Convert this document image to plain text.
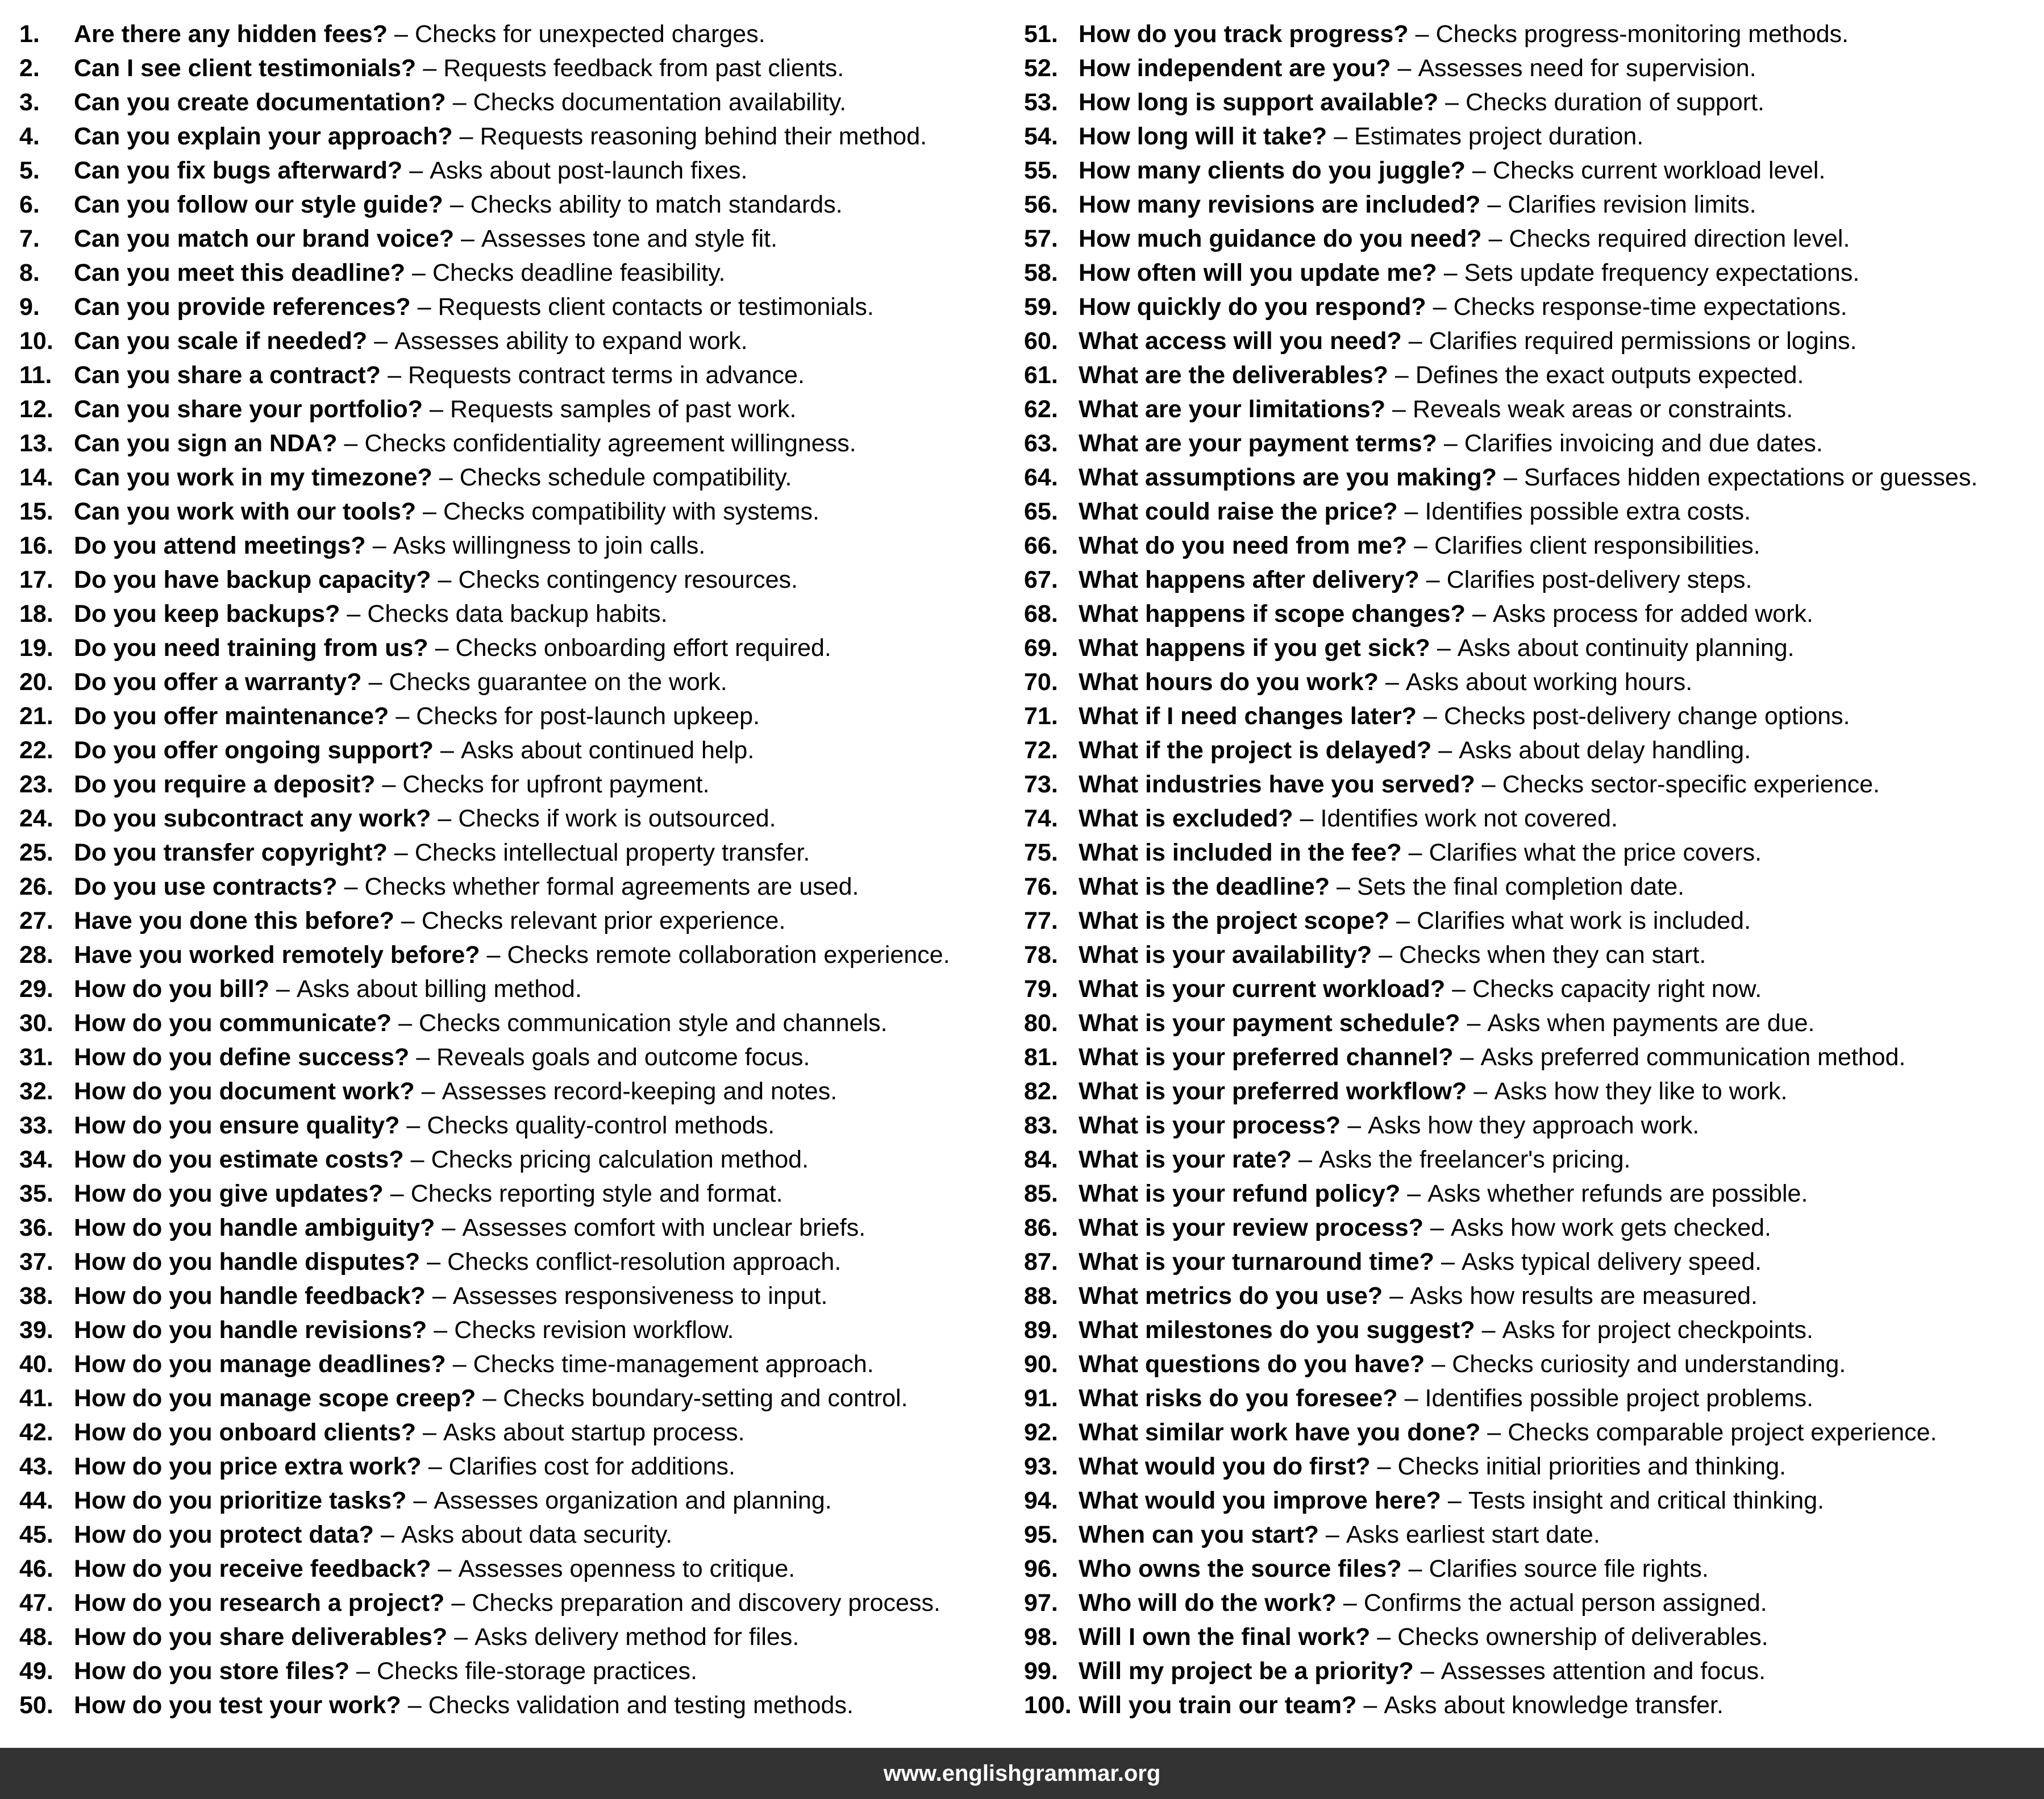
1.	Are there any hidden fees? – Checks for unexpected charges.
2.	Can I see client testimonials? – Requests feedback from past clients.
3.	Can you create documentation? – Checks documentation availability.
4.	Can you explain your approach? – Requests reasoning behind their method.
5.	Can you fix bugs afterward? – Asks about post-launch fixes.
6.	Can you follow our style guide? – Checks ability to match standards.
7.	Can you match our brand voice? – Assesses tone and style fit.
8.	Can you meet this deadline? – Checks deadline feasibility.
9.	Can you provide references? – Requests client contacts or testimonials.
10. Can you scale if needed? – Assesses ability to expand work.
11. Can you share a contract? – Requests contract terms in advance.
12. Can you share your portfolio? – Requests samples of past work.
13. Can you sign an NDA? – Checks confidentiality agreement willingness.
14. Can you work in my timezone? – Checks schedule compatibility.
15. Can you work with our tools? – Checks compatibility with systems.
16. Do you attend meetings? – Asks willingness to join calls.
17. Do you have backup capacity? – Checks contingency resources.
18. Do you keep backups? – Checks data backup habits.
19. Do you need training from us? – Checks onboarding effort required.
20. Do you offer a warranty? – Checks guarantee on the work.
21. Do you offer maintenance? – Checks for post-launch upkeep.
22. Do you offer ongoing support? – Asks about continued help.
23. Do you require a deposit? – Checks for upfront payment.
24. Do you subcontract any work? – Checks if work is outsourced.
25. Do you transfer copyright? – Checks intellectual property transfer.
26. Do you use contracts? – Checks whether formal agreements are used.
27. Have you done this before? – Checks relevant prior experience.
28. Have you worked remotely before? – Checks remote collaboration experience.
29. How do you bill? – Asks about billing method.
30. How do you communicate? – Checks communication style and channels.
31. How do you define success? – Reveals goals and outcome focus.
32. How do you document work? – Assesses record-keeping and notes.
33. How do you ensure quality? – Checks quality-control methods.
34. How do you estimate costs? – Checks pricing calculation method.
35. How do you give updates? – Checks reporting style and format.
36. How do you handle ambiguity? – Assesses comfort with unclear briefs.
37. How do you handle disputes? – Checks conflict-resolution approach.
38. How do you handle feedback? – Assesses responsiveness to input.
39. How do you handle revisions? – Checks revision workflow.
40. How do you manage deadlines? – Checks time-management approach.
41. How do you manage scope creep? – Checks boundary-setting and control.
42. How do you onboard clients? – Asks about startup process.
43. How do you price extra work? – Clarifies cost for additions.
44. How do you prioritize tasks? – Assesses organization and planning.
45. How do you protect data? – Asks about data security.
46. How do you receive feedback? – Assesses openness to critique.
47. How do you research a project? – Checks preparation and discovery process.
48. How do you share deliverables? – Asks delivery method for files.
49. How do you store files? – Checks file-storage practices.
50. How do you test your work? – Checks validation and testing methods.
51. How do you track progress? – Checks progress-monitoring methods.
52. How independent are you? – Assesses need for supervision.
53. How long is support available? – Checks duration of support.
54. How long will it take? – Estimates project duration.
55. How many clients do you juggle? – Checks current workload level.
56. How many revisions are included? – Clarifies revision limits.
57. How much guidance do you need? – Checks required direction level.
58. How often will you update me? – Sets update frequency expectations.
59. How quickly do you respond? – Checks response-time expectations.
60. What access will you need? – Clarifies required permissions or logins.
61. What are the deliverables? – Defines the exact outputs expected.
62. What are your limitations? – Reveals weak areas or constraints.
63. What are your payment terms? – Clarifies invoicing and due dates.
64. What assumptions are you making? – Surfaces hidden expectations or guesses.
65. What could raise the price? – Identifies possible extra costs.
66. What do you need from me? – Clarifies client responsibilities.
67. What happens after delivery? – Clarifies post-delivery steps.
68. What happens if scope changes? – Asks process for added work.
69. What happens if you get sick? – Asks about continuity planning.
70. What hours do you work? – Asks about working hours.
71. What if I need changes later? – Checks post-delivery change options.
72. What if the project is delayed? – Asks about delay handling.
73. What industries have you served? – Checks sector-specific experience.
74. What is excluded? – Identifies work not covered.
75. What is included in the fee? – Clarifies what the price covers.
76. What is the deadline? – Sets the final completion date.
77. What is the project scope? – Clarifies what work is included.
78. What is your availability? – Checks when they can start.
79. What is your current workload? – Checks capacity right now.
80. What is your payment schedule? – Asks when payments are due.
81. What is your preferred channel? – Asks preferred communication method.
82. What is your preferred workflow? – Asks how they like to work.
83. What is your process? – Asks how they approach work.
84. What is your rate? – Asks the freelancer's pricing.
85. What is your refund policy? – Asks whether refunds are possible.
86. What is your review process? – Asks how work gets checked.
87. What is your turnaround time? – Asks typical delivery speed.
88. What metrics do you use? – Asks how results are measured.
89. What milestones do you suggest? – Asks for project checkpoints.
90. What questions do you have? – Checks curiosity and understanding.
91. What risks do you foresee? – Identifies possible project problems.
92. What similar work have you done? – Checks comparable project experience.
93. What would you do first? – Checks initial priorities and thinking.
94. What would you improve here? – Tests insight and critical thinking.
95. When can you start? – Asks earliest start date.
96. Who owns the source files? – Clarifies source file rights.
97. Who will do the work? – Confirms the actual person assigned.
98. Will I own the final work? – Checks ownership of deliverables.
99. Will my project be a priority? – Assesses attention and focus.
100. Will you train our team? – Asks about knowledge transfer.
www.englishgrammar.org
